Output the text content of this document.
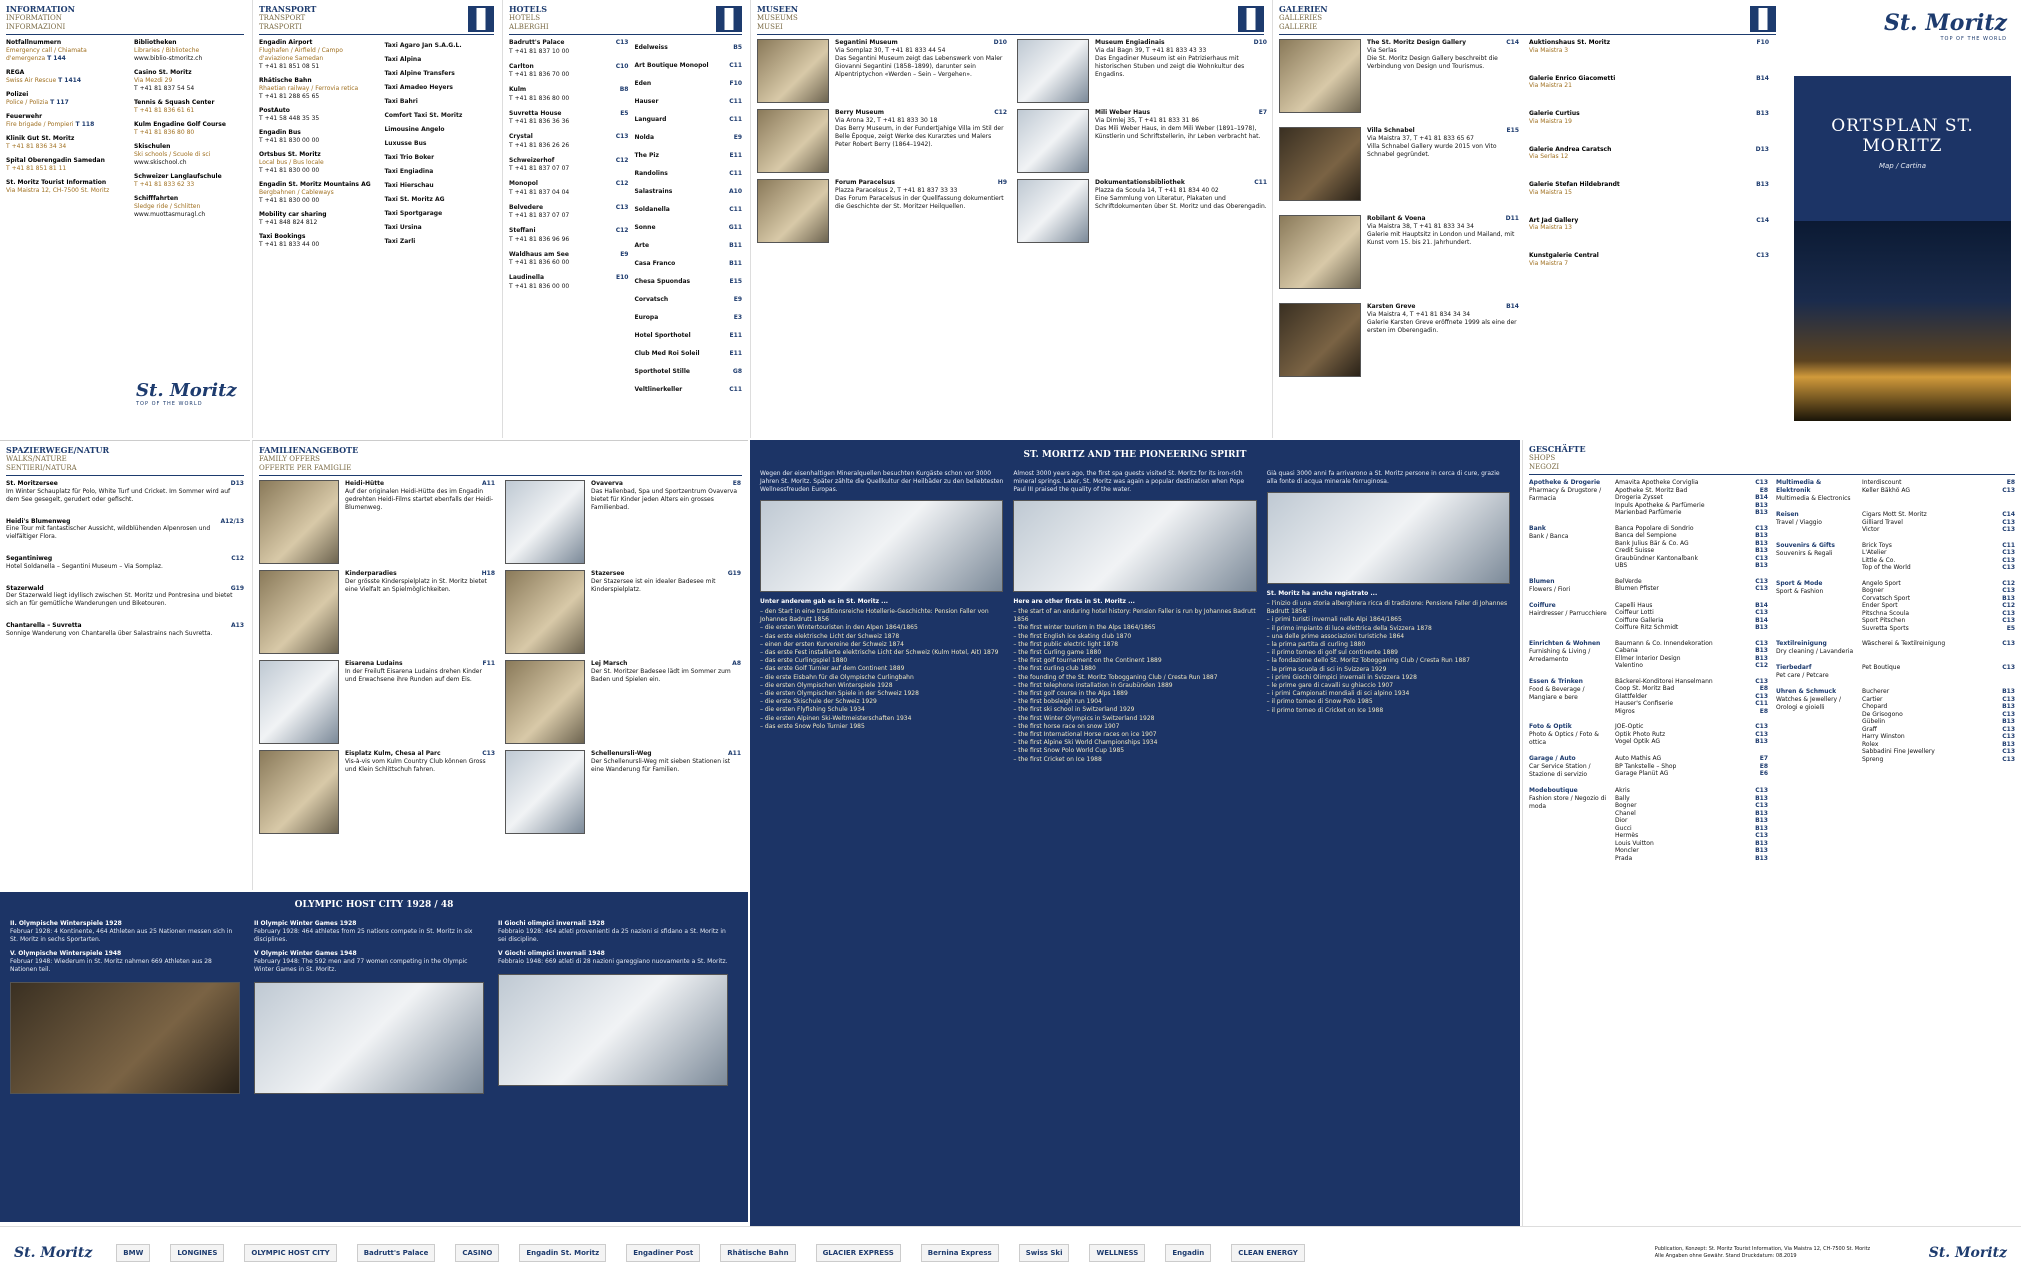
INFORMATION
INFORMATION
INFORMAZIONI
Notfallnummern
Emergency call / Chiamata d'emergenza T 144
REGA
Swiss Air Rescue T 1414
Polizei
Police / Polizia T 117
Feuerwehr
Fire brigade / Pompieri T 118
Klinik Gut St. Moritz
T +41 81 836 34 34
Spital Oberengadin Samedan
T +41 81 851 81 11
St. Moritz Tourist Information
Via Maistra 12, CH-7500 St. Moritz
Bibliotheken
Libraries / Biblioteche
www.biblio-stmoritz.ch
Casino St. Moritz
Via Mezdi 29
T +41 81 837 54 54
Tennis & Squash Center
T +41 81 836 61 61
Kulm Engadine Golf Course
T +41 81 836 80 80
Skischulen
Ski schools / Scuole di sci
www.skischool.ch
Schweizer Langlaufschule
T +41 81 833 62 33
Schifffahrten
Sledge ride / Schlitten
www.muottasmuragl.ch
St. Moritz
TOP OF THE WORLD
TRANSPORT
TRANSPORT
TRASPORTI
Engadin Airport
Flughafen / Airfield / Campo d'aviazione Samedan
T +41 81 851 08 51
Rhätische Bahn
Rhaetian railway / Ferrovia retica
T +41 81 288 65 65
PostAuto
T +41 58 448 35 35
Engadin Bus
T +41 81 830 00 00
Ortsbus St. Moritz
Local bus / Bus locale
T +41 81 830 00 00
Engadin St. Moritz Mountains AG
Bergbahnen / Cableways
T +41 81 830 00 00
Mobility car sharing
T +41 848 824 812
Taxi Bookings
T +41 81 833 44 00
Taxi Agaro Jan S.A.G.L.
Taxi Alpina
Taxi Alpine Transfers
Taxi Amadeo Heyers
Taxi Bahri
Comfort Taxi St. Moritz
Limousine Angelo
Luxusse Bus
Taxi Trio Boker
Taxi Engiadina
Taxi Hierschau
Taxi St. Moritz AG
Taxi Sportgarage
Taxi Ursina
Taxi Zarli
HOTELS
HOTELS
ALBERGHI
Badrutt's Palace	C13
T +41 81 837 10 00
Carlton	C10
T +41 81 836 70 00
Kulm	B8
T +41 81 836 80 00
Suvretta House	E5
T +41 81 836 36 36
Crystal	C13
T +41 81 836 26 26
Schweizerhof	C12
T +41 81 837 07 07
Monopol	C12
T +41 81 837 04 04
Belvedere	C13
T +41 81 837 07 07
Steffani	C12
T +41 81 836 96 96
Waldhaus am See	E9
T +41 81 836 60 00
Laudinella	E10
T +41 81 836 00 00
Edelweiss	B5
Art Boutique Monopol	C11
Eden	F10
Hauser	C11
Languard	C11
Nolda	E9
The Piz	E11
Randolins	C11
Salastrains	A10
Soldanella	C11
Sonne	G11
Arte	B11
Casa Franco	B11
Chesa Spuondas	E15
Corvatsch	E9
Europa	E3
Hotel Sporthotel	E11
Club Med Roi Soleil	E11
Sporthotel Stille	G8
Veltlinerkeller	C11
MUSEEN
MUSEUMS
MUSEI
Segantini Museum	D10
Via Somplaz 30, T +41 81 833 44 54
Das Segantini Museum zeigt das Lebenswerk von Maler Giovanni Segantini (1858–1899), darunter sein Alpentriptychon «Werden – Sein – Vergehen».
Museum Engiadinais	D10
Via dal Bagn 39, T +41 81 833 43 33
Das Engadiner Museum ist ein Patrizierhaus mit historischen Stuben und zeigt die Wohnkultur des Engadins.
Berry Museum	C12
Via Arona 32, T +41 81 833 30 18
Das Berry Museum, in der Fundertjahige Villa im Stil der Belle Époque, zeigt Werke des Kurarztes und Malers Peter Robert Berry (1864–1942).
Mili Weber Haus	E7
Via Dimlej 35, T +41 81 833 31 86
Das Mili Weber Haus, in dem Mili Weber (1891–1978), Künstlerin und Schriftstellerin, ihr Leben verbracht hat.
Forum Paracelsus	H9
Plazza Paracelsus 2, T +41 81 837 33 33
Das Forum Paracelsus in der Quellfassung dokumentiert die Geschichte der St. Moritzer Heilquellen.
Dokumentationsbibliothek	C11
Plazza da Scoula 14, T +41 81 834 40 02
Eine Sammlung von Literatur, Plakaten und Schriftdokumenten über St. Moritz und das Oberengadin.
GALERIEN
GALLERIES
GALLERIE
The St. Moritz Design Gallery	C14
Via Serlas
Die St. Moritz Design Gallery beschreibt die Verbindung von Design und Tourismus.
Villa Schnabel	E15
Via Maistra 37, T +41 81 833 65 67
Villa Schnabel Gallery wurde 2015 von Vito Schnabel gegründet.
Robilant & Voena	D11
Via Maistra 38, T +41 81 833 34 34
Galerie mit Hauptsitz in London und Mailand, mit Kunst vom 15. bis 21. Jahrhundert.
Karsten Greve	B14
Via Maistra 4, T +41 81 834 34 34
Galerie Karsten Greve eröffnete 1999 als eine der ersten im Oberengadin.
Auktionshaus St. Moritz	F10
Via Maistra 3
Galerie Enrico Giacometti	B14
Via Maistra 21
Galerie Curtius	B13
Via Maistra 19
Galerie Andrea Caratsch	D13
Via Serlas 12
Galerie Stefan Hildebrandt	B13
Via Maistra 15
Art Jad Gallery	C14
Via Maistra 13
Kunstgalerie Central	C13
Via Maistra 7
St. Moritz
TOP OF THE WORLD
ORTSPLAN ST. MORITZ
Map / Cartina
SPAZIERWEGE/NATUR
WALKS/NATURE
SENTIERI/NATURA
St. Moritzersee	D13
Im Winter Schauplatz für Polo, White Turf und Cricket. Im Sommer wird auf dem See gesegelt, gerudert oder gefischt.
Heidi's Blumenweg	A12/13
Eine Tour mit fantastischer Aussicht, wildblühenden Alpenrosen und vielfältiger Flora.
Segantiniweg	C12
Hotel Soldanella – Segantini Museum – Via Somplaz.
Stazerwald	G19
Der Stazerwald liegt idyllisch zwischen St. Moritz und Pontresina und bietet sich an für gemütliche Wanderungen und Biketouren.
Chantarella – Suvretta	A13
Sonnige Wanderung von Chantarella über Salastrains nach Suvretta.
FAMILIENANGEBOTE
FAMILY OFFERS
OFFERTE PER FAMIGLIE
Heidi-Hütte	A11
Auf der originalen Heidi-Hütte des im Engadin gedrehten Heidi-Films startet ebenfalls der Heidi-Blumenweg.
Ovaverva	E8
Das Hallenbad, Spa und Sportzentrum Ovaverva bietet für Kinder jeden Alters ein grosses Familienbad.
Kinderparadies	H18
Der grösste Kinderspielplatz in St. Moritz bietet eine Vielfalt an Spielmöglichkeiten.
Stazersee	G19
Der Stazersee ist ein idealer Badesee mit Kinderspielplatz.
Eisarena Ludains	F11
In der Freiluft Eisarena Ludains drehen Kinder und Erwachsene ihre Runden auf dem Eis.
Lej Marsch	A8
Der St. Moritzer Badesee lädt im Sommer zum Baden und Spielen ein.
Eisplatz Kulm, Chesa al Parc	C13
Vis-à-vis vom Kulm Country Club können Gross und Klein Schlittschuh fahren.
Schellenursli-Weg	A11
Der Schellenursli-Weg mit sieben Stationen ist eine Wanderung für Familien.
ST. MORITZ AND THE PIONEERING SPIRIT
Wegen der eisenhaltigen Mineralquellen besuchten Kurgäste schon vor 3000 Jahren St. Moritz. Später zählte die Quellkultur der Heilbäder zu den beliebtesten Wellnessfreuden Europas.
Unter anderem gab es in St. Moritz ...
– den Start in eine traditionsreiche Hotellerie-Geschichte: Pension Faller von Johannes Badrutt 1856
– die ersten Wintertouristen in den Alpen 1864/1865
– das erste elektrische Licht der Schweiz 1878
– einen der ersten Kurvereine der Schweiz 1874
– das erste Fest installierte elektrische Licht der Schweiz (Kulm Hotel, Ait) 1879
– das erste Curlingspiel 1880
– das erste Golf Turnier auf dem Continent 1889
– die erste Eisbahn für die Olympische Curlingbahn
– die ersten Olympischen Winterspiele 1928
– die ersten Olympischen Spiele in der Schweiz 1928
– die erste Skischule der Schweiz 1929
– die ersten Flyfishing Schule 1934
– die ersten Alpinen Ski-Weltmeisterschaften 1934
– das erste Snow Polo Turnier 1985
Almost 3000 years ago, the first spa guests visited St. Moritz for its iron-rich mineral springs. Later, St. Moritz was again a popular destination when Pope Paul III praised the quality of the water.
Here are other firsts in St. Moritz ...
– the start of an enduring hotel history: Pension Faller is run by Johannes Badrutt 1856
– the first winter tourism in the Alps 1864/1865
– the first English ice skating club 1870
– the first public electric light 1878
– the first Curling game 1880
– the first golf tournament on the Continent 1889
– the first curling club 1880
– the founding of the St. Moritz Tobogganing Club / Cresta Run 1887
– the first telephone installation in Graubünden 1889
– the first golf course in the Alps 1889
– the first bobsleigh run 1904
– the first ski school in Switzerland 1929
– the first Winter Olympics in Switzerland 1928
– the first horse race on snow 1907
– the first International Horse races on ice 1907
– the first Alpine Ski World Championships 1934
– the first Snow Polo World Cup 1985
– the first Cricket on Ice 1988
Già quasi 3000 anni fa arrivarono a St. Moritz persone in cerca di cure, grazie alla fonte di acqua minerale ferruginosa.
St. Moritz ha anche registrato ...
– l'inizio di una storia alberghiera ricca di tradizione: Pensione Faller di Johannes Badrutt 1856
– i primi turisti invernali nelle Alpi 1864/1865
– il primo impianto di luce elettrica della Svizzera 1878
– una delle prime associazioni turistiche 1864
– la prima partita di curling 1880
– il primo torneo di golf sul continente 1889
– la fondazione dello St. Moritz Tobogganing Club / Cresta Run 1887
– la prima scuola di sci in Svizzera 1929
– i primi Giochi Olimpici invernali in Svizzera 1928
– le prime gare di cavalli su ghiaccio 1907
– i primi Campionati mondiali di sci alpino 1934
– il primo torneo di Snow Polo 1985
– il primo torneo di Cricket on Ice 1988
GESCHÄFTE
SHOPS
NEGOZI
Apotheke & Drogerie
Pharmacy & Drugstore / Farmacia
Amavita Apotheke Corviglia	C13
Apotheke St. Moritz Bad	E8
Drogeria Zysset	B14
Inpuls Apotheke & Parfümerie	B13
Marienbad Parfümerie	B13
Bank
Bank / Banca
Banca Popolare di Sondrio	C13
Banca del Sempione	B13
Bank Julius Bär & Co. AG	B13
Credit Suisse	B13
Graubündner Kantonalbank	C13
UBS	B13
Blumen
Flowers / Fiori
BelVerde	C13
Blumen Pfister	C13
Coiffure
Hairdresser / Parrucchiere
Capelli Haus	B14
Coiffeur Lotti	C13
Coiffure Galleria	B14
Coiffure Ritz Schmidt	B13
Einrichten & Wohnen
Furnishing & Living / Arredamento
Baumann & Co. Innendekoration	C13
Cabana	B13
Ellmer Interior Design	B13
Valentino	C12
Essen & Trinken
Food & Beverage / Mangiare e bere
Bäckerei-Konditorei Hanselmann	C13
Coop St. Moritz Bad	E8
Glattfelder	C13
Hauser's Confiserie	C11
Migros	E8
Foto & Optik
Photo & Optics / Foto & ottica
JOE-Optic	C13
Optik Photo Rutz	C13
Vogel Optik AG	B13
Garage / Auto
Car Service Station / Stazione di servizio
Auto Mathis AG	E7
BP Tankstelle – Shop	E8
Garage Planüt AG	E6
Modeboutique
Fashion store / Negozio di moda
Akris	C13
Bally	B13
Bogner	C13
Chanel	B13
Dior	B13
Gucci	B13
Hermès	C13
Louis Vuitton	B13
Moncler	B13
Prada	B13
Multimedia & Elektronik
Multimedia & Electronics
Interdiscount	E8
Keller Bäkhö AG	C13
Reisen
Travel / Viaggio
Cigars Mott St. Moritz	C14
Gilliard Travel	C13
Victor	C13
Souvenirs & Gifts
Souvenirs & Regali
Brick Toys	C11
L'Atelier	C13
Little & Co.	C13
Top of the World	C13
Sport & Mode
Sport & Fashion
Angelo Sport	C12
Bogner	C13
Corvatsch Sport	B13
Ender Sport	C12
Pitschna Scoula	C13
Sport Pitschen	C13
Suvretta Sports	E5
Textilreinigung
Dry cleaning / Lavanderia
Wäscherei & Textilreinigung	C13
Tierbedarf
Pet care / Petcare
Pet Boutique	C13
Uhren & Schmuck
Watches & Jewellery / Orologi e gioielli
Bucherer	B13
Cartier	C13
Chopard	B13
De Grisogono	C13
Gübelin	B13
Graff	C13
Harry Winston	C13
Rolex	B13
Sabbadini Fine Jewellery	C13
Spreng	C13
OLYMPIC HOST CITY 1928 / 48
II. Olympische Winterspiele 1928
Februar 1928: 4 Kontinente, 464 Athleten aus 25 Nationen messen sich in St. Moritz in sechs Sportarten.
V. Olympische Winterspiele 1948
Februar 1948: Wiederum in St. Moritz nahmen 669 Athleten aus 28 Nationen teil.
II Olympic Winter Games 1928
February 1928: 464 athletes from 25 nations compete in St. Moritz in six disciplines.
V Olympic Winter Games 1948
February 1948: The 592 men and 77 women competing in the Olympic Winter Games in St. Moritz.
II Giochi olimpici invernali 1928
Febbraio 1928: 464 atleti provenienti da 25 nazioni si sfidano a St. Moritz in sei discipline.
V Giochi olimpici invernali 1948
Febbraio 1948: 669 atleti di 28 nazioni gareggiano nuovamente a St. Moritz.
St. Moritz	BMW	LONGINES	OLYMPIC HOST CITY	Badrutt's Palace	CASINO	Engadin St. Moritz	Engadiner Post	Rhätische Bahn	GLACIER EXPRESS	Bernina Express	Swiss Ski	WELLNESS	Engadin	CLEAN ENERGY	Publication, Konzept: St. Moritz Tourist Information, Via Maistra 12, CH-7500 St. Moritz
Alle Angaben ohne Gewähr. Stand Druckdatum: 08.2019	St. Moritz
